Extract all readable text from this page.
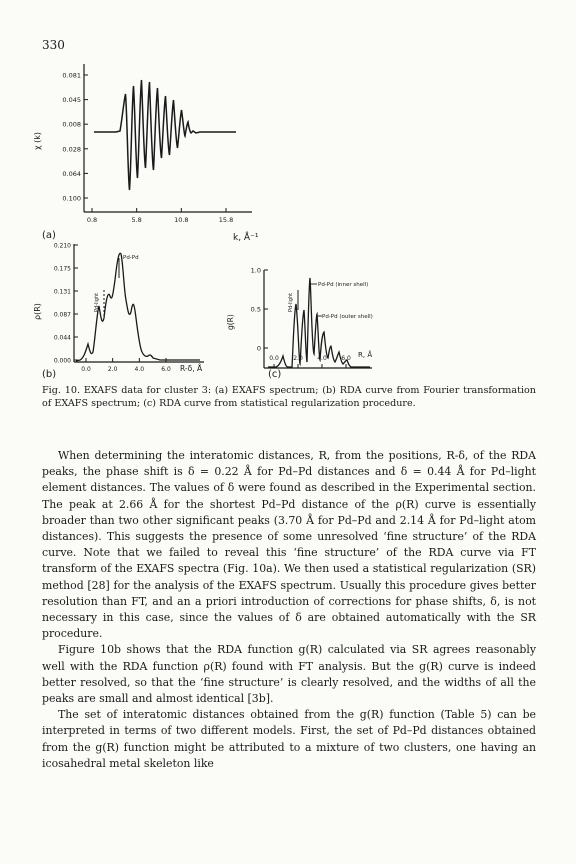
330
0.081
0.045
0.008
0.028
0.064
0.100
0.8	5.8	10.8	15.8
χ (k)
k, Å⁻¹
(a)
0.210
0.175
0.131
0.087
0.044
0.000
0.0	2.0	4.0	6.0
ρ(R)
R-δ, Å
(b)
Pd-Pd
Pd-light
1.0
0.5
0
0.0 2.0 4.0 6.0
g(R)
R, Å
(c)
Pd-Pd (inner shell)
Pd-Pd (outer shell)
Pd-light
Fig. 10. EXAFS data for cluster 3: (a) EXAFS spectrum; (b) RDA curve from Fourier transformation of EXAFS spectrum; (c) RDA curve from statistical regularization procedure.

When determining the interatomic distances, R, from the positions, R-δ, of the RDA peaks, the phase shift is δ = 0.22 Å for Pd–Pd distances and δ = 0.44 Å for Pd–light element distances. The values of δ were found as described in the Experimental section. The peak at 2.66 Å for the shortest Pd–Pd distance of the ρ(R) curve is essentially broader than two other significant peaks (3.70 Å for Pd–Pd and 2.14 Å for Pd–light atom distances). This suggests the presence of some unresolved ‘fine structure’ of the RDA curve. Note that we failed to reveal this ‘fine structure’ of the RDA curve via FT transform of the EXAFS spectra (Fig. 10a). We then used a statistical regularization (SR) method [28] for the analysis of the EXAFS spectrum. Usually this procedure gives better resolution than FT, and an a priori introduction of corrections for phase shifts, δ, is not necessary in this case, since the values of δ are obtained automatically with the SR procedure.

Figure 10b shows that the RDA function g(R) calculated via SR agrees reasonably well with the RDA function ρ(R) found with FT analysis. But the g(R) curve is indeed better resolved, so that the ‘fine structure’ is clearly resolved, and the widths of all the peaks are small and almost identical [3b].

The set of interatomic distances obtained from the g(R) function (Table 5) can be interpreted in terms of two different models. First, the set of Pd–Pd distances obtained from the g(R) function might be attributed to a mixture of two clusters, one having an icosahedral metal skeleton like
